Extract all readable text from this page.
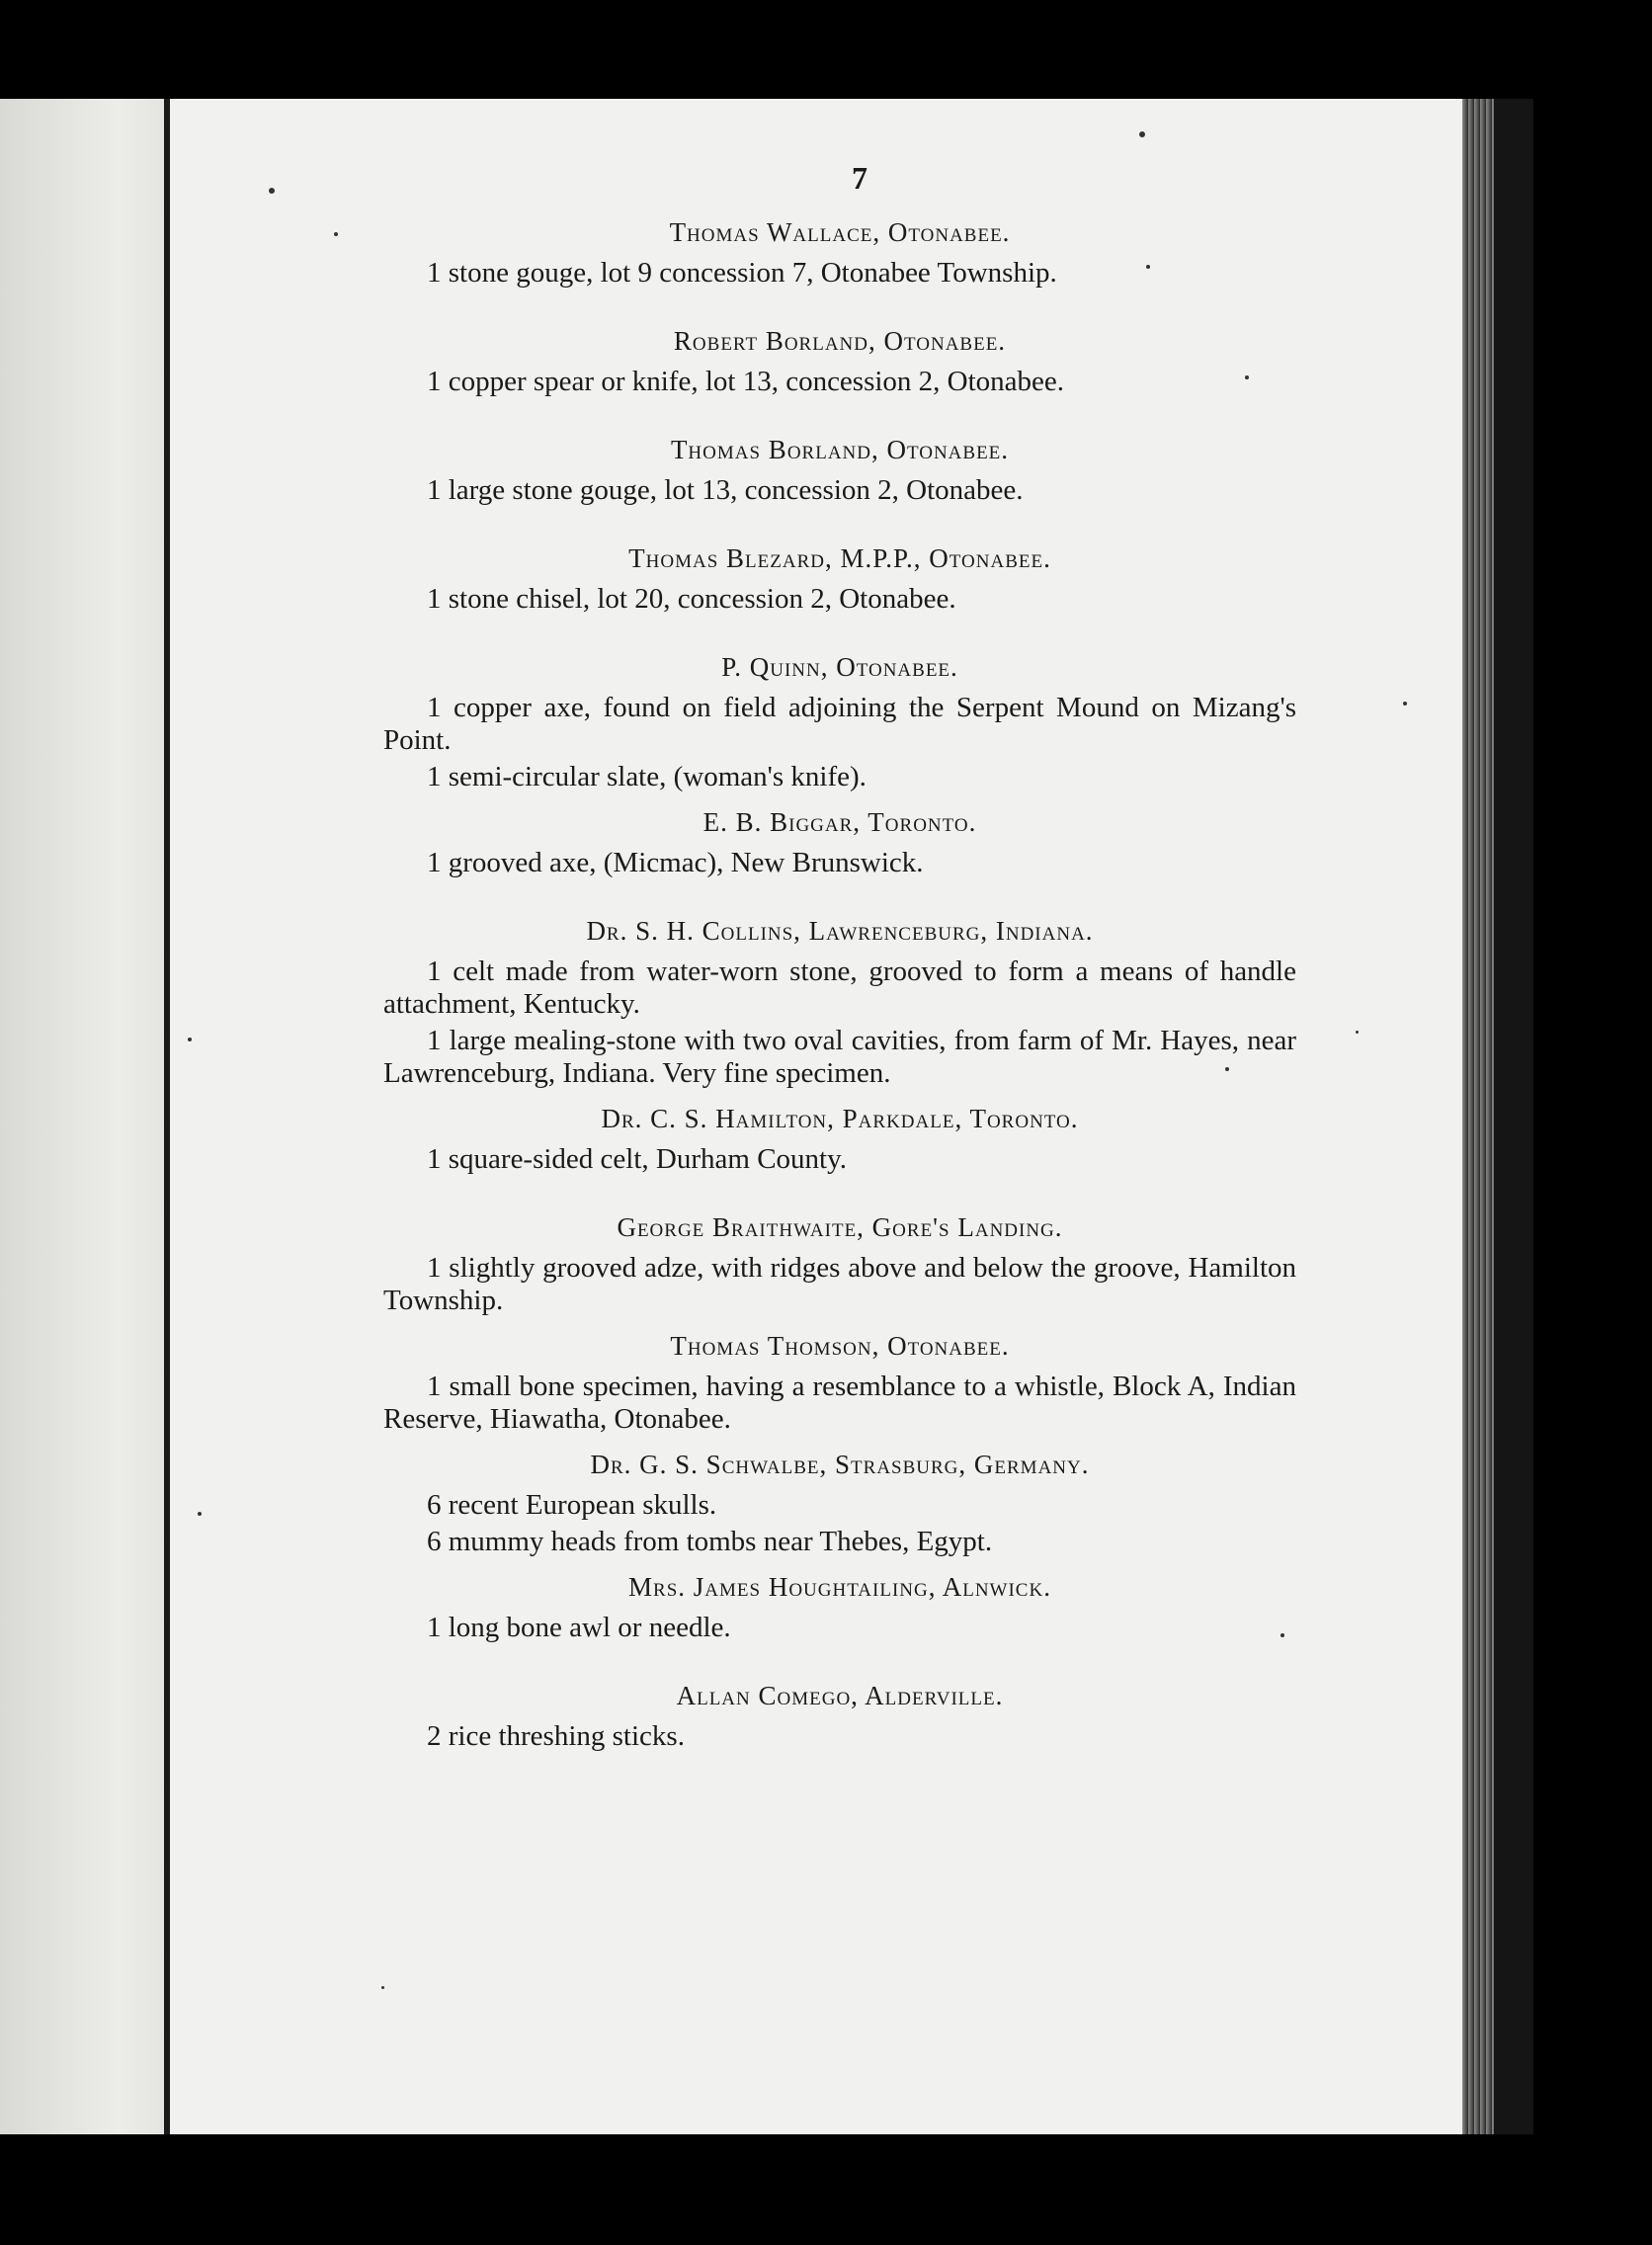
7
Thomas Wallace, Otonabee.

1 stone gouge, lot 9 concession 7, Otonabee Township.

Robert Borland, Otonabee.

1 copper spear or knife, lot 13, concession 2, Otonabee.

Thomas Borland, Otonabee.

1 large stone gouge, lot 13, concession 2, Otonabee.

Thomas Blezard, M.P.P., Otonabee.

1 stone chisel, lot 20, concession 2, Otonabee.

P. Quinn, Otonabee.

1 copper axe, found on field adjoining the Serpent Mound on Mizang's Point.

1 semi-circular slate, (woman's knife).

E. B. Biggar, Toronto.

1 grooved axe, (Micmac), New Brunswick.

Dr. S. H. Collins, Lawrenceburg, Indiana.

1 celt made from water-worn stone, grooved to form a means of handle attachment, Kentucky.

1 large mealing-stone with two oval cavities, from farm of Mr. Hayes, near Lawrenceburg, Indiana. Very fine specimen.

Dr. C. S. Hamilton, Parkdale, Toronto.

1 square-sided celt, Durham County.

George Braithwaite, Gore's Landing.

1 slightly grooved adze, with ridges above and below the groove, Hamilton Township.

Thomas Thomson, Otonabee.

1 small bone specimen, having a resemblance to a whistle, Block A, Indian Reserve, Hiawatha, Otonabee.

Dr. G. S. Schwalbe, Strasburg, Germany.

6 recent European skulls.

6 mummy heads from tombs near Thebes, Egypt.

Mrs. James Houghtailing, Alnwick.

1 long bone awl or needle.

Allan Comego, Alderville.

2 rice threshing sticks.
